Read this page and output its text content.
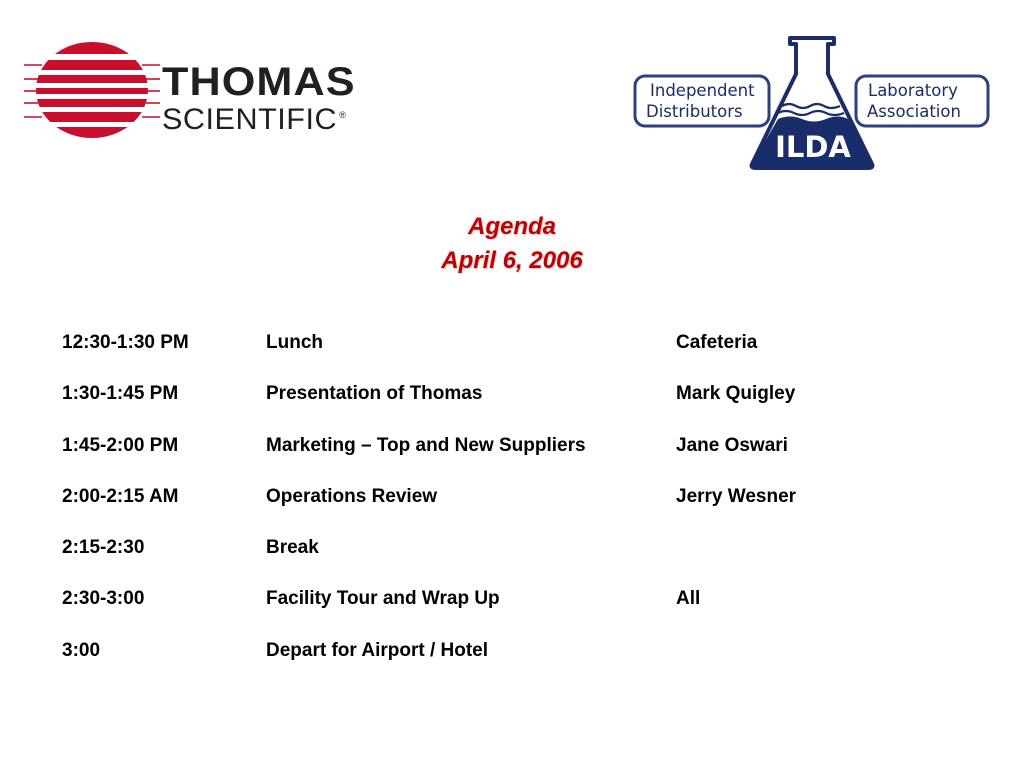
THOMAS
SCIENTIFIC ®
Independent
Distributors
Laboratory
Association
ILDA
Agenda
April 6, 2006
12:30-1:30 PM	Lunch	Cafeteria
1:30-1:45 PM	Presentation of Thomas	Mark Quigley
1:45-2:00 PM	Marketing – Top and New Suppliers	Jane Oswari
2:00-2:15 AM	Operations Review	Jerry Wesner
2:15-2:30	Break
2:30-3:00	Facility Tour and Wrap Up	All
3:00	Depart for Airport / Hotel
